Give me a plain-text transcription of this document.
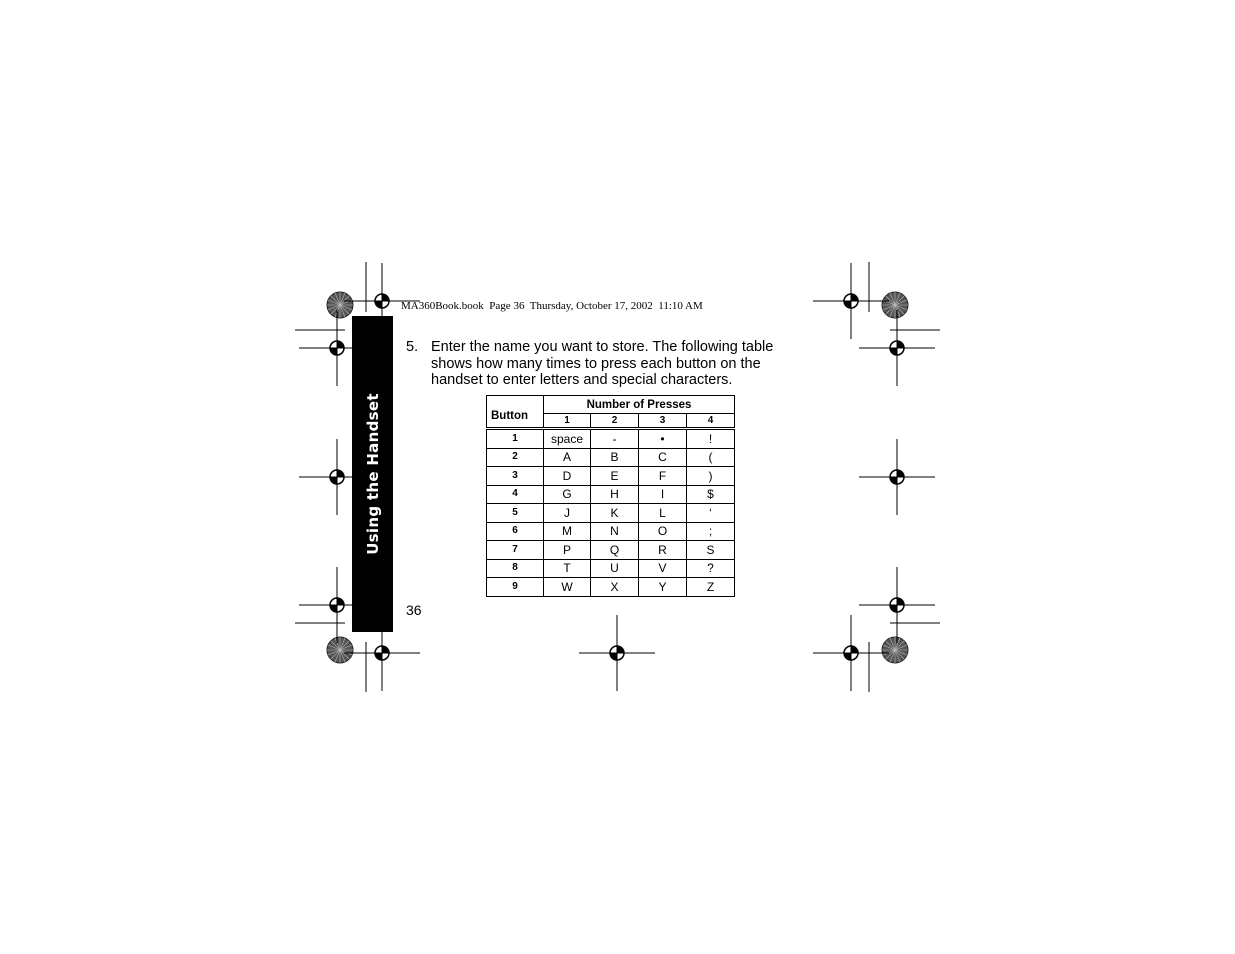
MA360Book.book  Page 36  Thursday, October 17, 2002  11:10 AM
Using the Handset
5. Enter the name you want to store. The following table shows how many times to press each button on the handset to enter letters and special characters.
Button	Number of Presses			
	1	2	3	4
1	space	-	•	!
2	A	B	C	(
3	D	E	F	)
4	G	H	I	$
5	J	K	L	‘
6	M	N	O	;
7	P	Q	R	S
8	T	U	V	?
9	W	X	Y	Z
36
